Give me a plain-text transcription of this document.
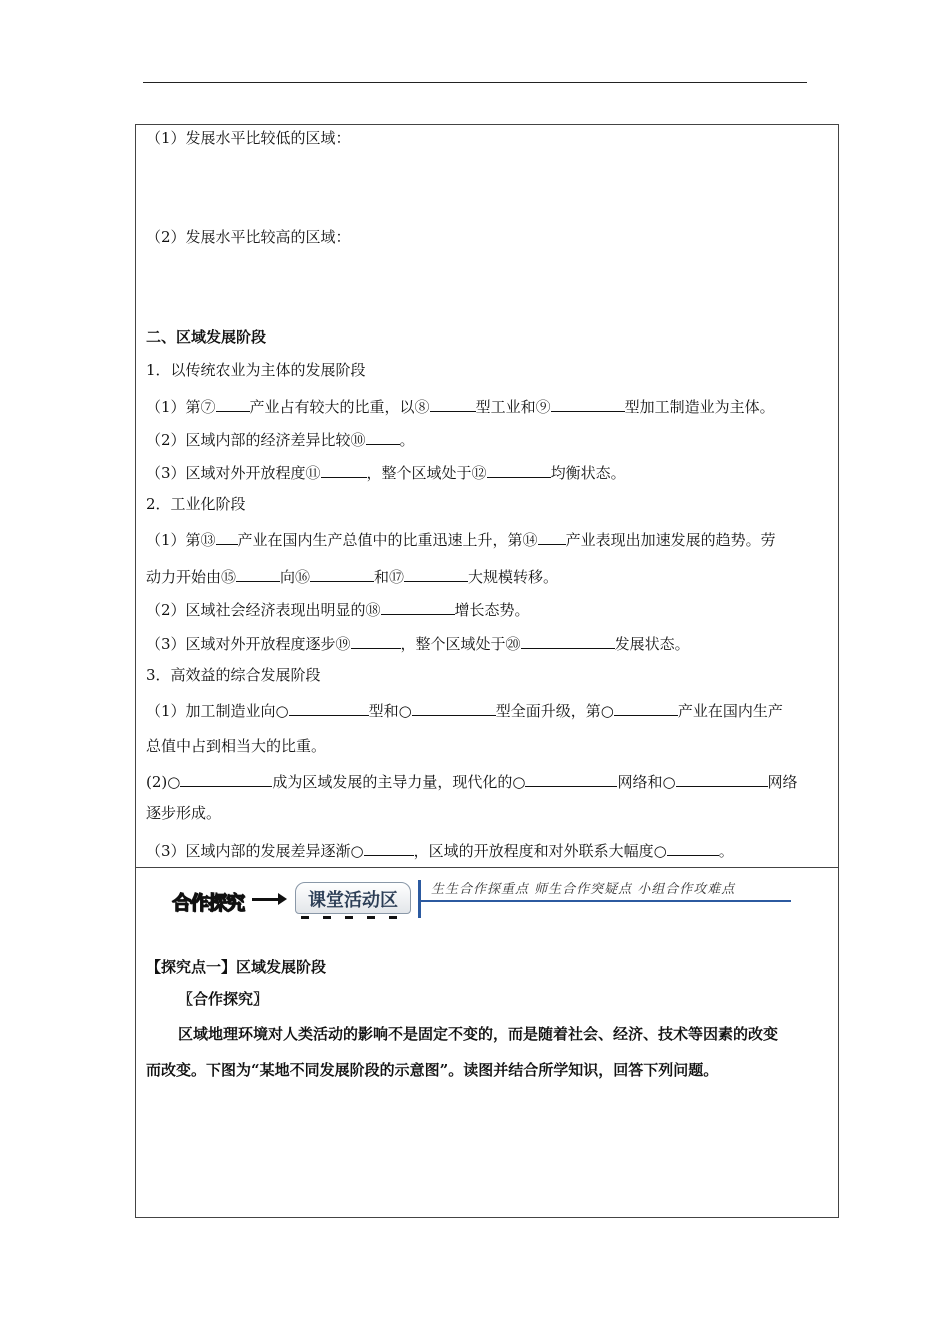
（1）发展水平比较低的区域：
（2）发展水平比较高的区域：
二、区域发展阶段
1．以传统农业为主体的发展阶段
（1）第⑦ 产业占有较大的比重，以⑧	型工业和⑨	型加工制造业为主体。
（2）区域内部的经济差异比较⑩ 。
（3）区域对外开放程度⑪	，整个区域处于⑫	均衡状态。
2．工业化阶段
（1）第⑬ 产业在国内生产总值中的比重迅速上升，第⑭ 产业表现出加速发展的趋势。劳
动力开始由⑮	向⑯	和⑰	大规模转移。
（2）区域社会经济表现出明显的⑱	增长态势。
（3）区域对外开放程度逐步⑲	，整个区域处于⑳	发展状态。
3．高效益的综合发展阶段
（1）加工制造业向○	型和○	型全面升级，第○	产业在国内生产
总值中占到相当大的比重。
(2)○	成为区域发展的主导力量，现代化的○	网络和○	网络
逐步形成。
（3）区域内部的发展差异逐渐○	，区域的开放程度和对外联系大幅度○	。
合作探究	课堂活动区
生生合作探重点 师生合作突疑点 小组合作攻难点
【探究点一】区域发展阶段
〖合作探究〗
区域地理环境对人类活动的影响不是固定不变的，而是随着社会、经济、技术等因素的改变
而改变。下图为“某地不同发展阶段的示意图”。读图并结合所学知识，回答下列问题。
